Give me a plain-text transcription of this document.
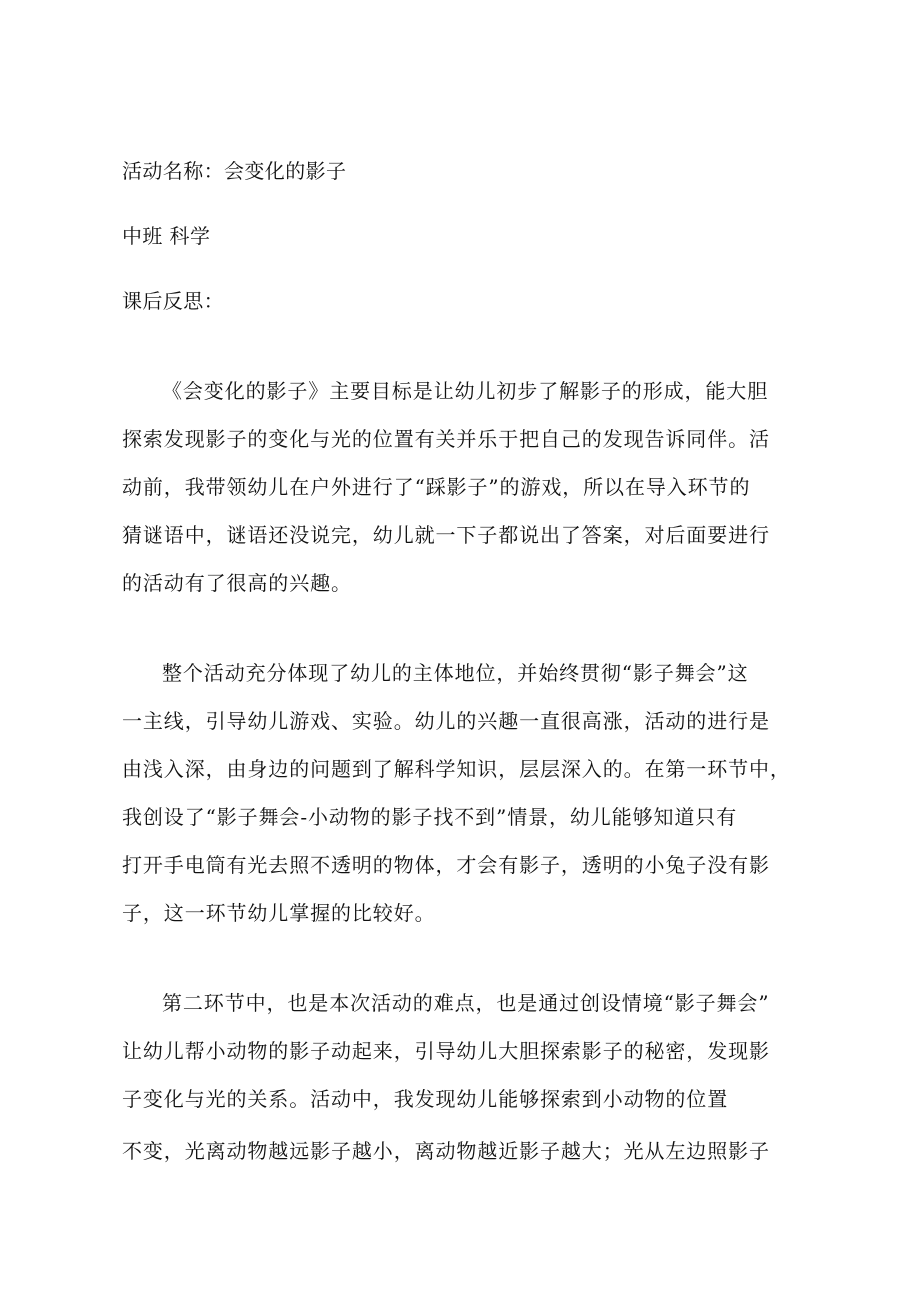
活动名称：会变化的影子
中班 科学
课后反思：
《会变化的影子》主要目标是让幼儿初步了解影子的形成，能大胆
探索发现影子的变化与光的位置有关并乐于把自己的发现告诉同伴。活
动前，我带领幼儿在户外进行了“踩影子”的游戏，所以在导入环节的
猜谜语中，谜语还没说完，幼儿就一下子都说出了答案，对后面要进行
的活动有了很高的兴趣。
整个活动充分体现了幼儿的主体地位，并始终贯彻“影子舞会”这
一主线，引导幼儿游戏、实验。幼儿的兴趣一直很高涨，活动的进行是
由浅入深，由身边的问题到了解科学知识，层层深入的。在第一环节中，
我创设了“影子舞会-小动物的影子找不到”情景，幼儿能够知道只有
打开手电筒有光去照不透明的物体，才会有影子，透明的小兔子没有影
子，这一环节幼儿掌握的比较好。
第二环节中，也是本次活动的难点，也是通过创设情境“影子舞会”
让幼儿帮小动物的影子动起来，引导幼儿大胆探索影子的秘密，发现影
子变化与光的关系。活动中，我发现幼儿能够探索到小动物的位置
不变，光离动物越远影子越小，离动物越近影子越大；光从左边照影子
